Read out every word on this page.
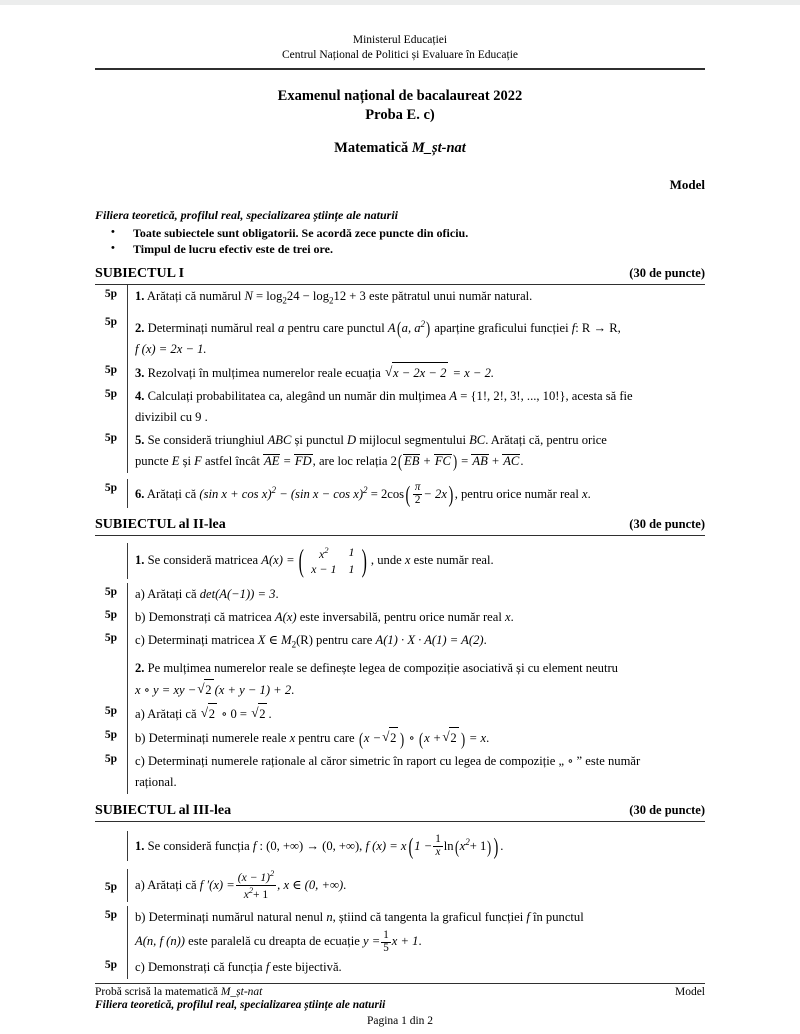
Ministerul Educației
Centrul Național de Politici și Evaluare în Educație
Examenul național de bacalaureat 2022
Proba E. c)
Matematică M_șt-nat
Model
Filiera teoretică, profilul real, specializarea științe ale naturii
• Toate subiectele sunt obligatorii. Se acordă zece puncte din oficiu.
• Timpul de lucru efectiv este de trei ore.
SUBIECTUL I	(30 de puncte)
5p	1. Arătați că numărul $N = \log_224 - \log_212 + 3$ este pătratul unui număr natural.
5p	2. Determinați numărul real a pentru care punctul A(a, $a^2$) aparține graficului funcției f: R → R,
f (x) = 2x − 1.
5p	3. Rezolvați în mulțimea numerelor reale ecuația √ x − 2x − 2 = x − 2.
5p	4. Calculați probabilitatea ca, alegând un număr din mulțimea A = {1!, 2!, 3!, ..., 10!}, acesta să fie
divizibil cu 9 .
5p	5. Se consideră triunghiul ABC și punctul D mijlocul segmentului BC. Arătați că, pentru orice
puncte E și F astfel încât AE = FD, are loc relația 2( EB + FC ) = AB + AC.
5p	6. Arătați că (sin x + cos x)$^2$ − (sin $x - \cos x)^2 = 2\cos( \frac{\pi}{2} - 2x)$, pentru orice număr real x.
SUBIECTUL al II-lea	(30 de puncte)
1. Se consideră matricea A(x) = ( $x^2$	1
x − 1	1 ) , unde x este număr real.
5p	a) Arătați că det(A(−1)) = 3.
5p	b) Demonstrați că matricea A(x) este inversabilă, pentru orice număr real x.
5p	c) Determinați matricea X ∈ $M_2(R)$ pentru care A(1) · X · A(1) = A(2).
2. Pe mulțimea numerelor reale se definește legea de compoziție asociativă și cu element neutru
x ∘ y = xy − √ 2 (x + y − 1) + 2.
5p	a) Arătați că √ 2 ∘ 0 = √ 2 .
5p	b) Determinați numerele reale x pentru care (x − √ 2 ) ∘ (x + √ 2 ) = x.
5p	c) Determinați numerele raționale al căror simetric în raport cu legea de compoziție „ ∘ ” este număr
rațional.
SUBIECTUL al III-lea	(30 de puncte)
1. Se consideră funcția f : (0, +∞) → (0, +∞), f $(x) = x(1 - \frac{1}{x} \ln(x^2+ 1)$ ).
5p	a) Arătați că f $'(x) = \frac{(x - 1)^2}{x^2+ 1}$ , x ∈ (0, +∞).
5p	b) Determinați numărul natural nenul n, știind că tangenta la graficul funcției f în punctul
A(n, f (n)) este paralelă cu dreapta de ecuație $y = \frac{1}{5}$ x + 1.
5p	c) Demonstrați că funcția f este bijectivă.
Probă scrisă la matematică M_șt-nat	Model
Filiera teoretică, profilul real, specializarea științe ale naturii
Pagina 1 din 2
